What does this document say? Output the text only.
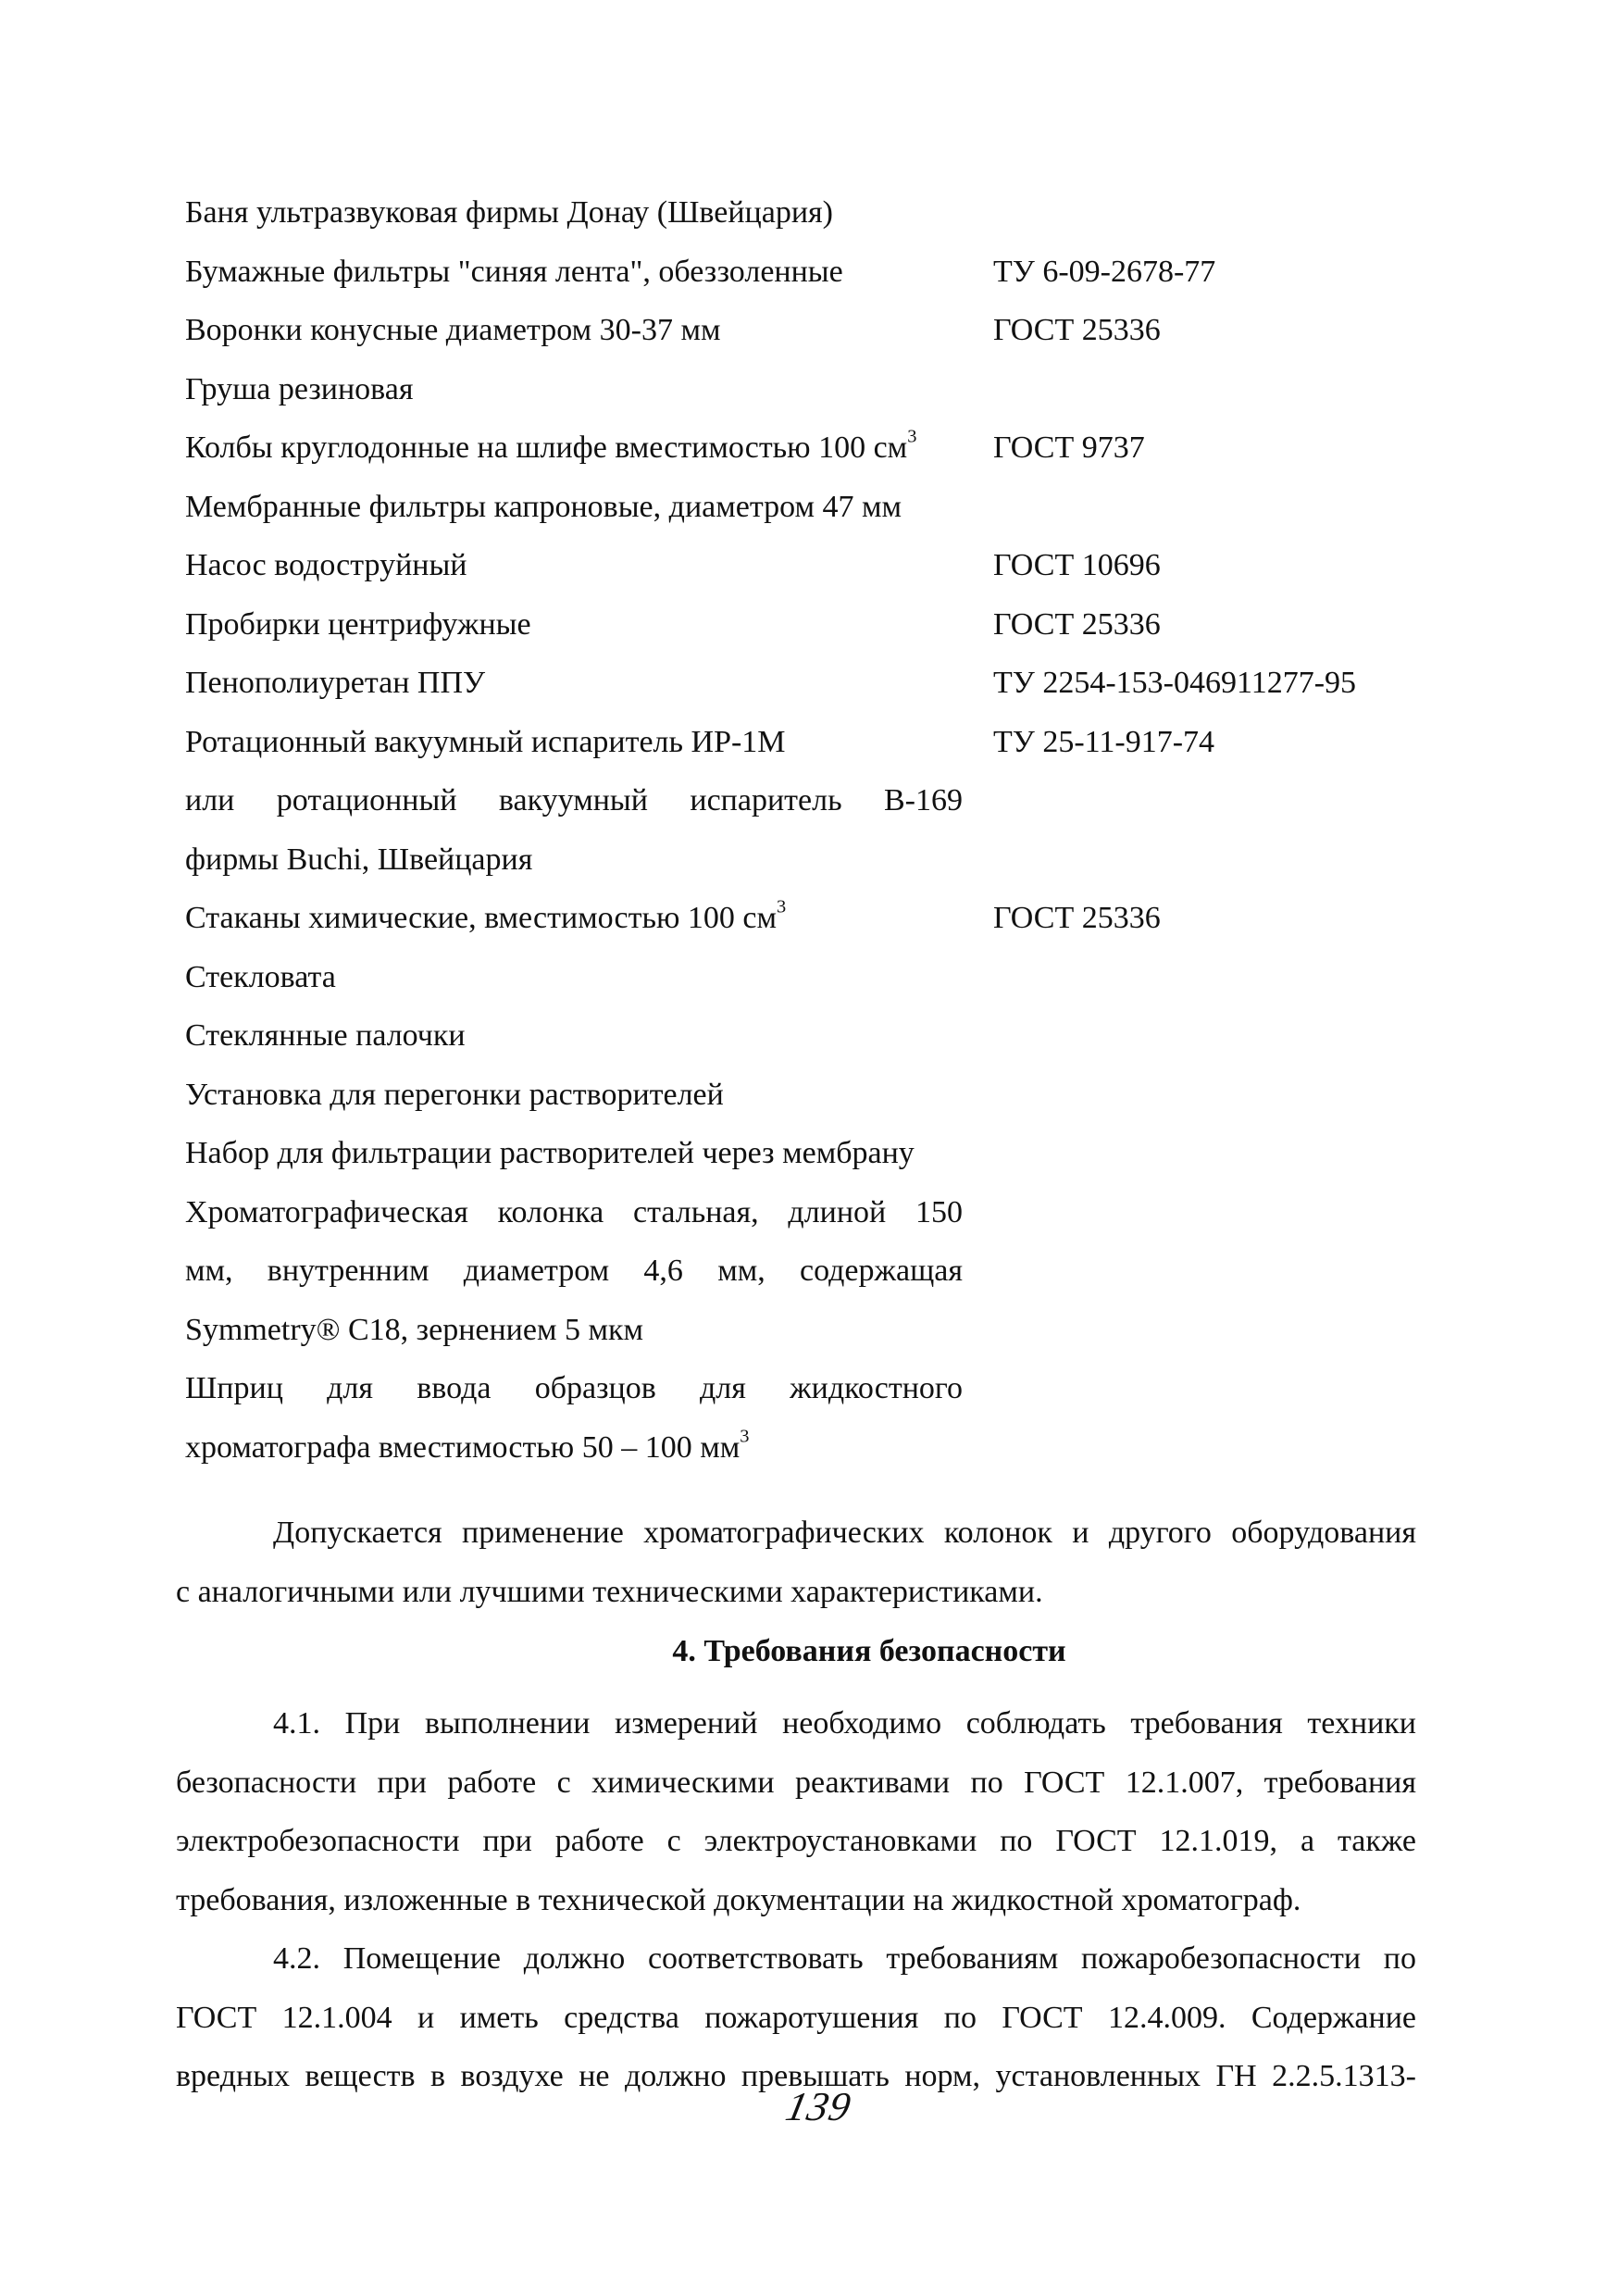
Баня ультразвуковая фирмы Донау (Швейцария)
Бумажные фильтры "синяя лента", обеззоленные	ТУ 6-09-2678-77
Воронки конусные диаметром 30-37 мм	ГОСТ 25336
Груша резиновая
Колбы круглодонные на шлифе вместимостью 100 $см^3$ ГОСТ 9737
Мембранные фильтры капроновые, диаметром 47 мм
Насос водоструйный	ГОСТ 10696
Пробирки центрифужные	ГОСТ 25336
Пенополиуретан ППУ	ТУ 2254-153-046911277-95
Ротационный вакуумный испаритель ИР-1М	ТУ 25-11-917-74
или ротационный вакуумный испаритель В-169
фирмы Buchi, Швейцария
Стаканы химические, вместимостью 100 $см^3$	ГОСТ 25336
Стекловата
Стеклянные палочки
Установка для перегонки растворителей
Набор для фильтрации растворителей через мембрану
Хроматографическая колонка стальная, длиной 150
мм, внутренним диаметром 4,6 мм, содержащая
Symmetry® C18, зернением 5 мкм
Шприц для ввода образцов для жидкостного
хроматографа вместимостью 50 – 100 $мм^3$
Допускается применение хроматографических колонок и другого оборудования
с аналогичными или лучшими техническими характеристиками.
4. Требования безопасности
4.1. При выполнении измерений необходимо соблюдать требования техники
безопасности при работе с химическими реактивами по ГОСТ 12.1.007, требования
электробезопасности при работе с электроустановками по ГОСТ 12.1.019, а также
требования, изложенные в технической документации на жидкостной хроматограф.
4.2. Помещение должно соответствовать требованиям пожаробезопасности по
ГОСТ 12.1.004 и иметь средства пожаротушения по ГОСТ 12.4.009. Содержание
вредных веществ в воздухе не должно превышать норм, установленных ГН 2.2.5.1313-
139
